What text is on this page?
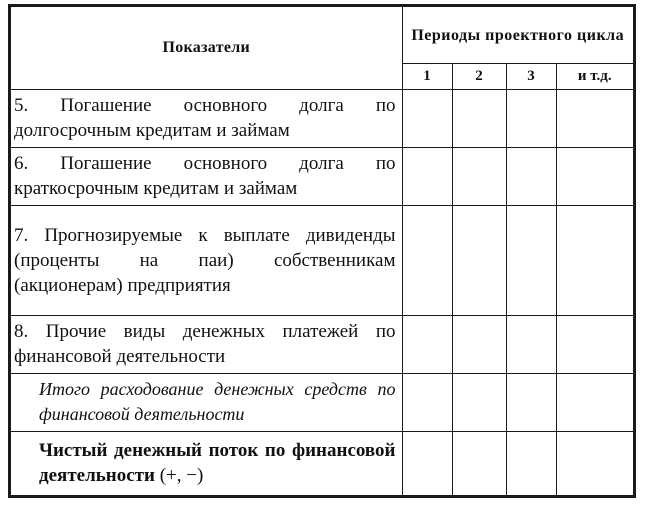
Показатели	Периоды проектного цикла			
	1	2	3	и т.д.
5. Погашение основного долга по долгосрочным кредитам и займам				
6. Погашение основного долга по краткосрочным кредитам и займам				
7. Прогнозируемые к выплате дивиденды (проценты на паи) собственникам (акционерам) предприятия				
8. Прочие виды денежных платежей по финансовой деятельности				
Итого расходование денежных средств по финансовой деятельности				
Чистый денежный поток по финансовой деятельности (+, −)				
